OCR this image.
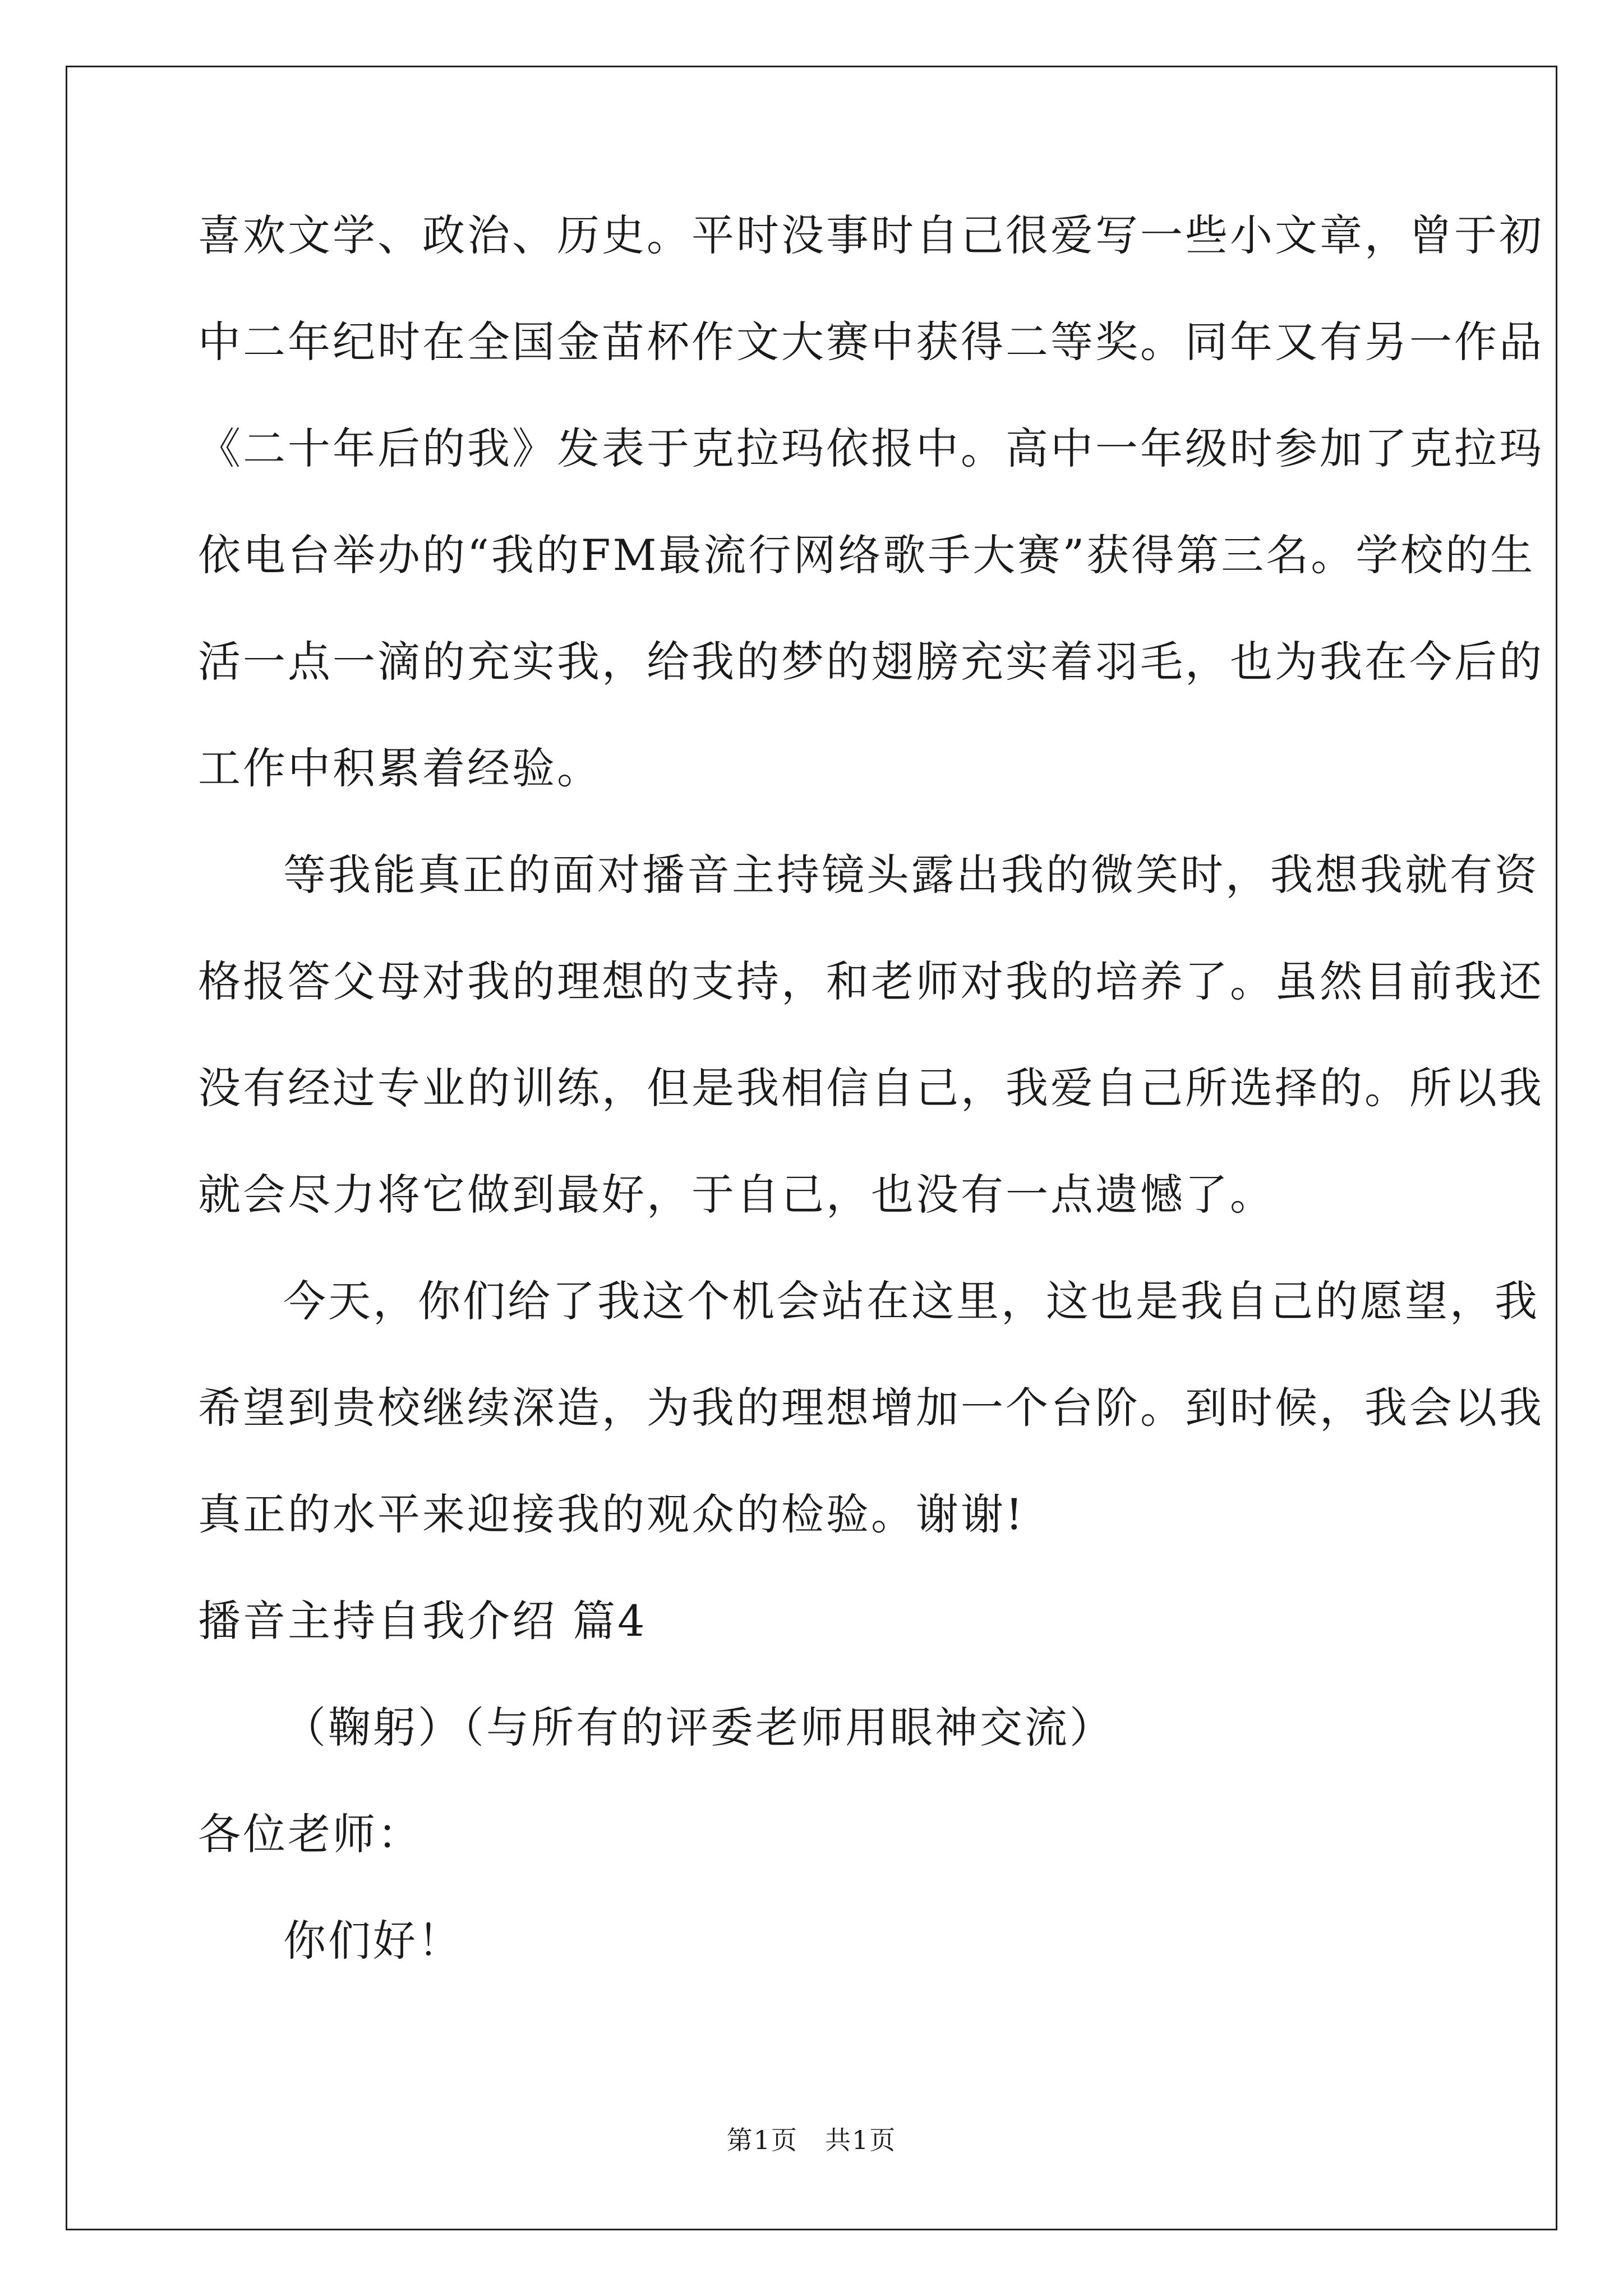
喜欢文学、政治、历史。平时没事时自己很爱写一些小文章，曾于初
中二年纪时在全国金苗杯作文大赛中获得二等奖。同年又有另一作品
《二十年后的我》发表于克拉玛依报中。高中一年级时参加了克拉玛
依电台举办的“我的FM最流行网络歌手大赛”获得第三名。学校的生
活一点一滴的充实我，给我的梦的翅膀充实着羽毛，也为我在今后的
工作中积累着经验。
等我能真正的面对播音主持镜头露出我的微笑时，我想我就有资
格报答父母对我的理想的支持，和老师对我的培养了。虽然目前我还
没有经过专业的训练，但是我相信自己，我爱自己所选择的。所以我
就会尽力将它做到最好，于自己，也没有一点遗憾了。
今天，你们给了我这个机会站在这里，这也是我自己的愿望，我
希望到贵校继续深造，为我的理想增加一个台阶。到时候，我会以我
真正的水平来迎接我的观众的检验。谢谢!
播音主持自我介绍 篇4
（鞠躬）（与所有的评委老师用眼神交流）
各位老师：
你们好！
第1页　共1页
